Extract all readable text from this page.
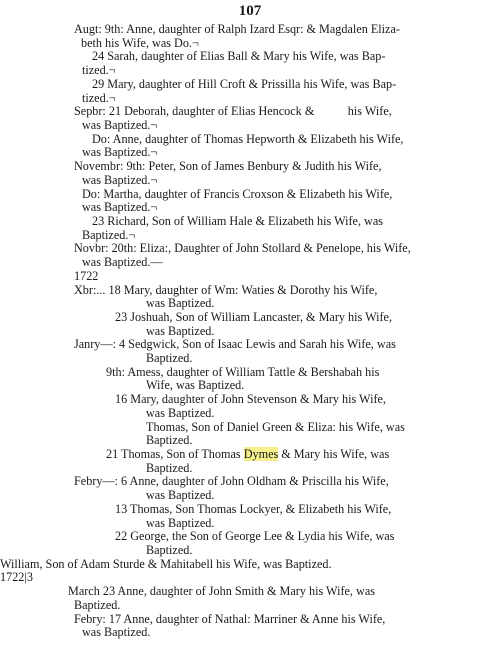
107
Augt: 9th: Anne, daughter of Ralph Izard Esqr: & Magdalen Eliza-
beth his Wife, was Do.¬
24 Sarah, daughter of Elias Ball & Mary his Wife, was Bap-
tized.¬
29 Mary, daughter of Hill Croft & Prissilla his Wife, was Bap-
tized.¬
Sepbr: 21 Deborah, daughter of Elias Hencock &           his Wife,
was Baptized.¬
Do: Anne, daughter of Thomas Hepworth & Elizabeth his Wife,
was Baptized.¬
Novembr: 9th: Peter, Son of James Benbury & Judith his Wife,
was Baptized.¬
Do: Martha, daughter of Francis Croxson & Elizabeth his Wife,
was Baptized.¬
23 Richard, Son of William Hale & Elizabeth his Wife, was
Baptized.¬
Novbr: 20th: Eliza:, Daughter of John Stollard & Penelope, his Wife,
was Baptized.—
1722
Xbr:... 18 Mary, daughter of Wm: Waties & Dorothy his Wife,
was Baptized.
23 Joshuah, Son of William Lancaster, & Mary his Wife,
was Baptized.
Janry—: 4 Sedgwick, Son of Isaac Lewis and Sarah his Wife, was
Baptized.
9th: Amess, daughter of William Tattle & Bershabah his
Wife, was Baptized.
16 Mary, daughter of John Stevenson & Mary his Wife,
was Baptized.
Thomas, Son of Daniel Green & Eliza: his Wife, was
Baptized.
21 Thomas, Son of Thomas Dymes & Mary his Wife, was
Baptized.
Febry—: 6 Anne, daughter of John Oldham & Priscilla his Wife,
was Baptized.
13 Thomas, Son Thomas Lockyer, & Elizabeth his Wife,
was Baptized.
22 George, the Son of George Lee & Lydia his Wife, was
Baptized.
William, Son of Adam Sturde & Mahitabell his Wife, was Baptized.
1722|3
March 23 Anne, daughter of John Smith & Mary his Wife, was
Baptized.
Febry: 17 Anne, daughter of Nathal: Marriner & Anne his Wife,
was Baptized.
